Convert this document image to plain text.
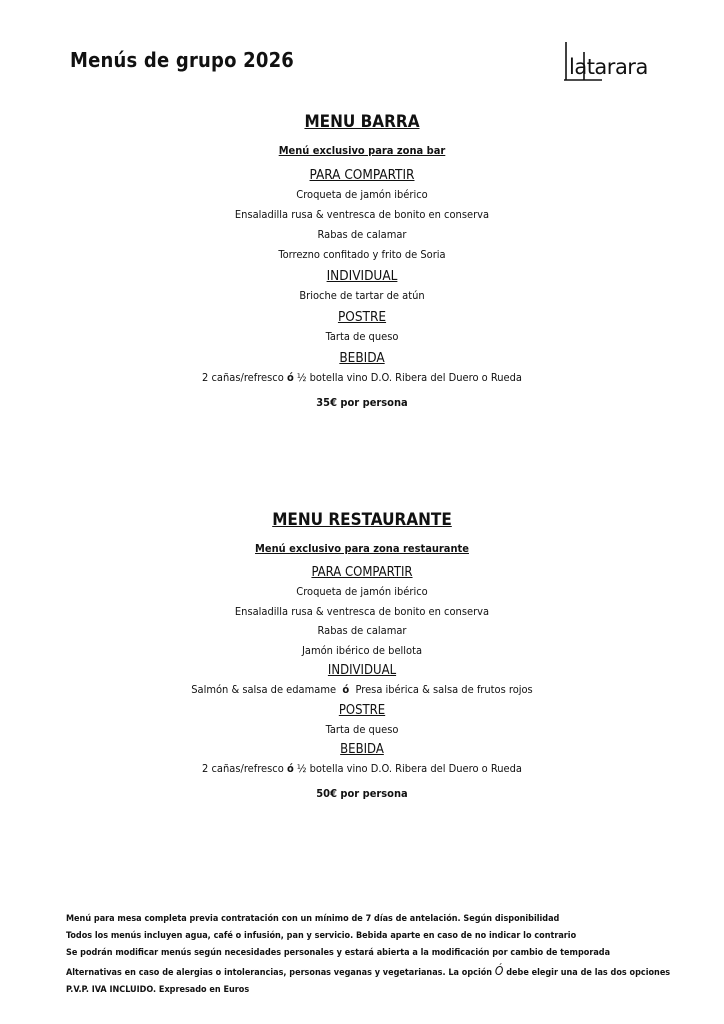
Menús de grupo 2026	latarara
MENU BARRA
Menú exclusivo para zona bar
PARA COMPARTIR
Croqueta de jamón ibérico
Ensaladilla rusa & ventresca de bonito en conserva
Rabas de calamar
Torrezno confitado y frito de Soria
INDIVIDUAL
Brioche de tartar de atún
POSTRE
Tarta de queso
BEBIDA
2 cañas/refresco ó ½ botella vino D.O. Ribera del Duero o Rueda
35€ por persona
MENU RESTAURANTE
Menú exclusivo para zona restaurante
PARA COMPARTIR
Croqueta de jamón ibérico
Ensaladilla rusa & ventresca de bonito en conserva
Rabas de calamar
Jamón ibérico de bellota
INDIVIDUAL
Salmón & salsa de edamame ó Presa ibérica & salsa de frutos rojos
POSTRE
Tarta de queso
BEBIDA
2 cañas/refresco ó ½ botella vino D.O. Ribera del Duero o Rueda
50€ por persona
Menú para mesa completa previa contratación con un mínimo de 7 días de antelación. Según disponibilidad
Todos los menús incluyen agua, café o infusión, pan y servicio. Bebida aparte en caso de no indicar lo contrario
Se podrán modificar menús según necesidades personales y estará abierta a la modificación por cambio de temporada
Alternativas en caso de alergias o intolerancias, personas veganas y vegetarianas. La opción Ó debe elegir una de las dos opciones
P.V.P. IVA INCLUIDO. Expresado en Euros
